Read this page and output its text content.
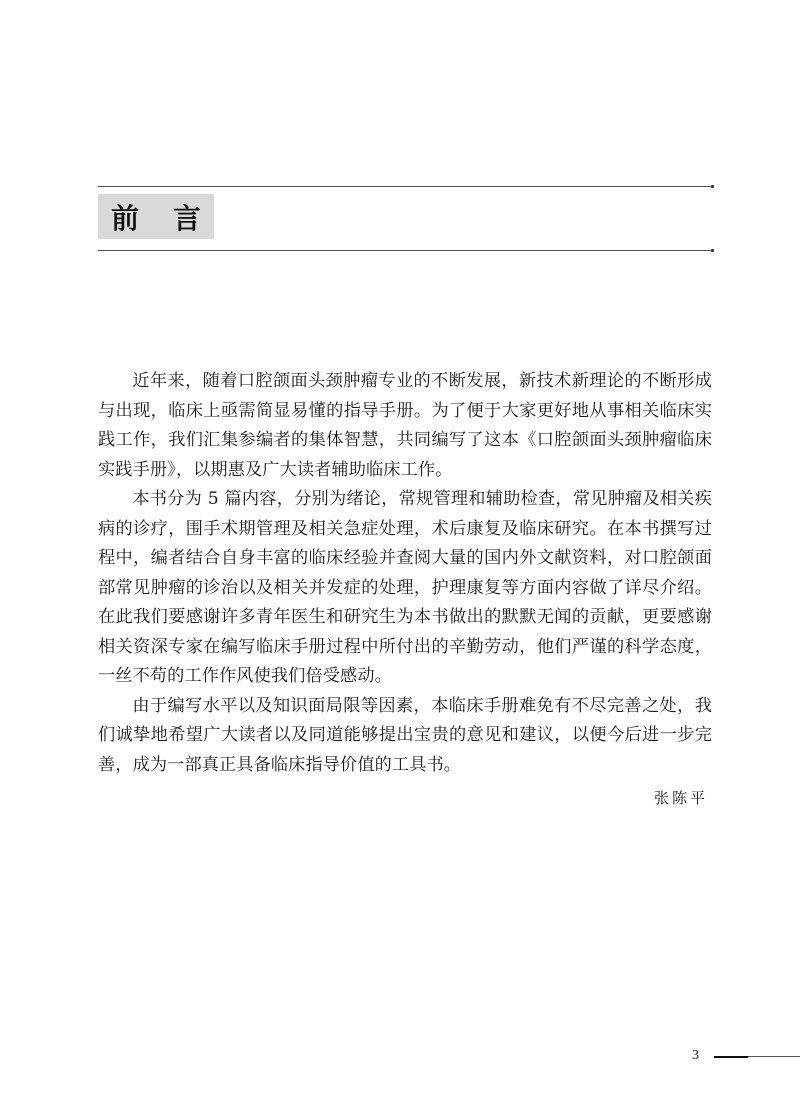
前 言

近年来，随着口腔颌面头颈肿瘤专业的不断发展，新技术新理论的不断形成与出现，临床上亟需简显易懂的指导手册。为了便于大家更好地从事相关临床实践工作，我们汇集参编者的集体智慧，共同编写了这本《口腔颌面头颈肿瘤临床实践手册》，以期惠及广大读者辅助临床工作。

本书分为 5 篇内容，分别为绪论，常规管理和辅助检查，常见肿瘤及相关疾病的诊疗，围手术期管理及相关急症处理，术后康复及临床研究。在本书撰写过程中，编者结合自身丰富的临床经验并查阅大量的国内外文献资料，对口腔颌面部常见肿瘤的诊治以及相关并发症的处理，护理康复等方面内容做了详尽介绍。在此我们要感谢许多青年医生和研究生为本书做出的默默无闻的贡献，更要感谢相关资深专家在编写临床手册过程中所付出的辛勤劳动，他们严谨的科学态度，一丝不苟的工作作风使我们倍受感动。

由于编写水平以及知识面局限等因素，本临床手册难免有不尽完善之处，我们诚挚地希望广大读者以及同道能够提出宝贵的意见和建议，以便今后进一步完善，成为一部真正具备临床指导价值的工具书。

张陈平
3
